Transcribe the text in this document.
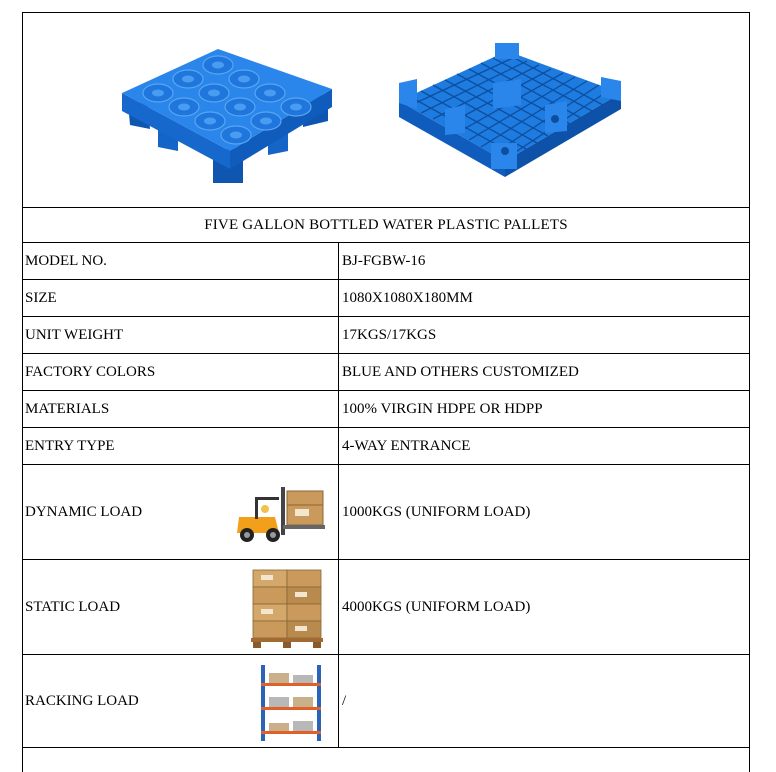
FIVE GALLON BOTTLED WATER PLASTIC PALLETS
MODEL NO.	BJ-FGBW-16
SIZE	1080X1080X180MM
UNIT WEIGHT	17KGS/17KGS
FACTORY COLORS	BLUE AND OTHERS CUSTOMIZED
MATERIALS	100% VIRGIN HDPE OR HDPP
ENTRY TYPE	4-WAY ENTRANCE
DYNAMIC LOAD	1000KGS (UNIFORM LOAD)
STATIC LOAD	4000KGS (UNIFORM LOAD)
RACKING LOAD	/
